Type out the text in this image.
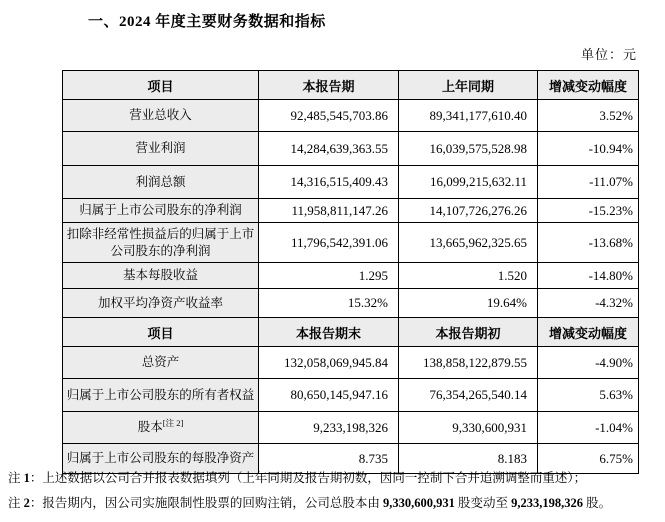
一、2024 年度主要财务数据和指标
单位：元
项目	本报告期	上年同期	增减变动幅度
营业总收入	92,485,545,703.86	89,341,177,610.40	3.52%
营业利润	14,284,639,363.55	16,039,575,528.98	-10.94%
利润总额	14,316,515,409.43	16,099,215,632.11	-11.07%
归属于上市公司股东的净利润	11,958,811,147.26	14,107,726,276.26	-15.23%
扣除非经常性损益后的归属于上市公司股东的净利润	11,796,542,391.06	13,665,962,325.65	-13.68%
基本每股收益	1.295	1.520	-14.80%
加权平均净资产收益率	15.32%	19.64%	-4.32%
项目	本报告期末	本报告期初	增减变动幅度
总资产	132,058,069,945.84	138,858,122,879.55	-4.90%
归属于上市公司股东的所有者权益	80,650,145,947.16	76,354,265,540.14	5.63%
股本[注 2]	9,233,198,326	9,330,600,931	-1.04%
归属于上市公司股东的每股净资产	8.735	8.183	6.75%
注 1：上述数据以公司合并报表数据填列（上年同期及报告期初数，因同一控制下合并追溯调整而重述）；
注 2：报告期内，因公司实施限制性股票的回购注销，公司总股本由 9,330,600,931 股变动至 9,233,198,326 股。
